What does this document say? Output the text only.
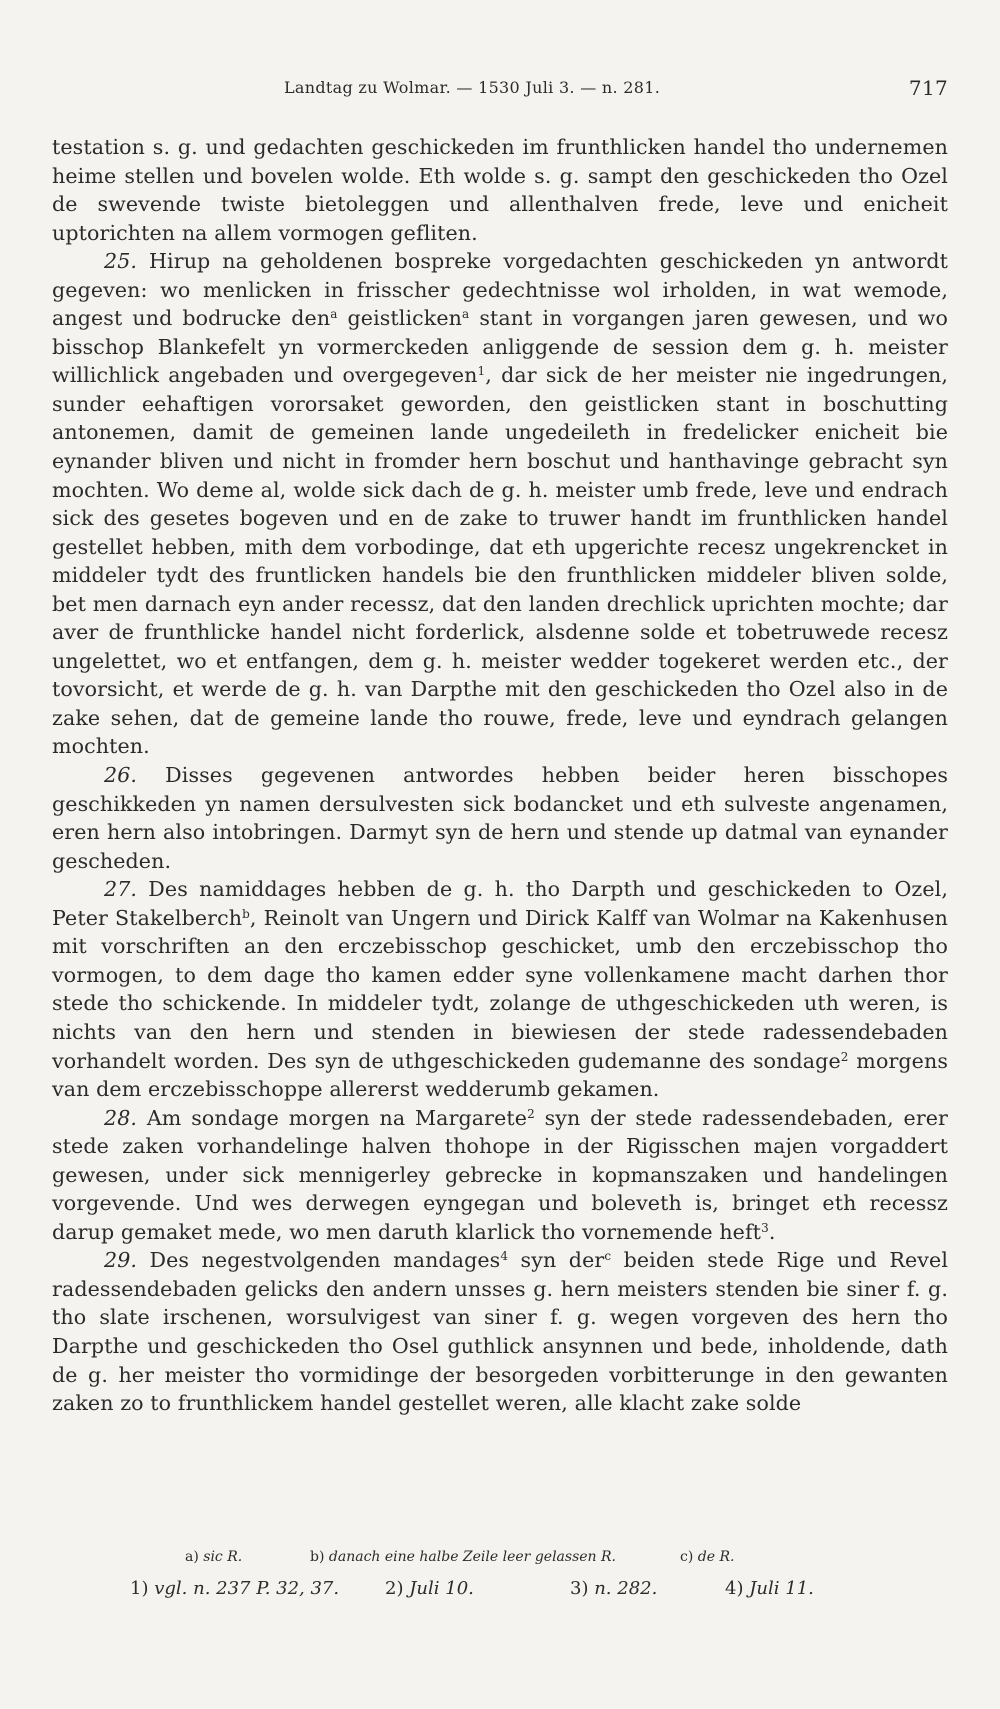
Landtag zu Wolmar. — 1530 Juli 3. — n. 281.	717

testation s. g. und gedachten geschickeden im frunthlicken handel tho undernemen heime stellen und bovelen wolde. Eth wolde s. g. sampt den geschickeden tho Ozel de swevende twiste bietoleggen und allenthalven frede, leve und enicheit uptorichten na allem vormogen gefliten.

25. Hirup na geholdenen bospreke vorgedachten geschickeden yn antwordt gegeven: wo menlicken in frisscher gedechtnisse wol irholden, in wat wemode, angest und bodrucke den$^a$ geistlicken$^a$ stant in vorgangen jaren gewesen, und wo bisschop Blankefelt yn vormerckeden anliggende de session dem g. h. meister willichlick angebaden und overgegeven$^1$, dar sick de her meister nie ingedrungen, sunder eehaftigen vororsaket geworden, den geistlicken stant in boschutting antonemen, damit de gemeinen lande ungedeileth in fredelicker enicheit bie eynander bliven und nicht in fromder hern boschut und hanthavinge gebracht syn mochten. Wo deme al, wolde sick dach de g. h. meister umb frede, leve und endrach sick des gesetes bogeven und en de zake to truwer handt im frunthlicken handel gestellet hebben, mith dem vorbodinge, dat eth upgerichte recesz ungekrencket in middeler tydt des fruntlicken handels bie den frunthlicken middeler bliven solde, bet men darnach eyn ander recessz, dat den landen drechlick uprichten mochte; dar aver de frunthlicke handel nicht forderlick, alsdenne solde et tobetruwede recesz ungelettet, wo et entfangen, dem g. h. meister wedder togekeret werden etc., der tovorsicht, et werde de g. h. van Darpthe mit den geschickeden tho Ozel also in de zake sehen, dat de gemeine lande tho rouwe, frede, leve und eyndrach gelangen mochten.

26. Disses gegevenen antwordes hebben beider heren bisschopes geschikkeden yn namen dersulvesten sick bodancket und eth sulveste angenamen, eren hern also intobringen. Darmyt syn de hern und stende up datmal van eynander gescheden.

27. Des namiddages hebben de g. h. tho Darpth und geschickeden to Ozel, Peter Stakelberch$^b$, Reinolt van Ungern und Dirick Kalff van Wolmar na Kakenhusen mit vorschriften an den erczebisschop geschicket, umb den erczebisschop tho vormogen, to dem dage tho kamen edder syne vollenkamene macht darhen thor stede tho schickende. In middeler tydt, zolange de uthgeschickeden uth weren, is nichts van den hern und stenden in biewiesen der stede radessendebaden vorhandelt worden. Des syn de uthgeschickeden gudemanne des sondage$^2$ morgens van dem erczebisschoppe allererst wedderumb gekamen.

28. Am sondage morgen na Margarete$^2$ syn der stede radessendebaden, erer stede zaken vorhandelinge halven thohope in der Rigisschen majen vorgaddert gewesen, under sick mennigerley gebrecke in kopmanszaken und handelingen vorgevende. Und wes derwegen eyngegan und boleveth is, bringet eth recessz darup gemaket mede, wo men daruth klarlick tho vornemende heft$^3$.

29. Des negestvolgenden mandages$^4$ syn der$^c$ beiden stede Rige und Revel radessendebaden gelicks den andern unsses g. hern meisters stenden bie siner f. g. tho slate irschenen, worsulvigest van siner f. g. wegen vorgeven des hern tho Darpthe und geschickeden tho Osel guthlick ansynnen und bede, inholdende, dath de g. her meister tho vormidinge der besorgeden vorbitterunge in den gewanten zaken zo to frunthlickem handel gestellet weren, alle klacht zake solde

a) sic R.	b) danach eine halbe Zeile leer gelassen R.	c) de R.
1) vgl. n. 237 P. 32, 37.	2) Juli 10.	3) n. 282.	4) Juli 11.
